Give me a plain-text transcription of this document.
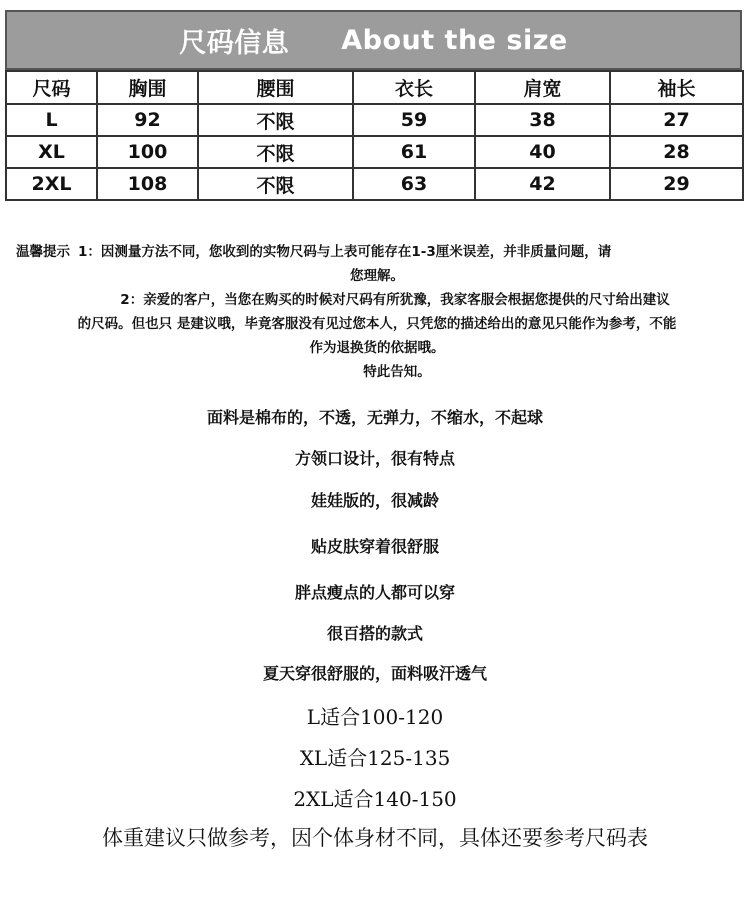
尺码信息 About the size
尺码	胸围	腰围	衣长	肩宽	袖长
L	92	不限	59	38	27
XL	100	不限	61	40	28
2XL	108	不限	63	42	29
温馨提示 1：因测量方法不同，您收到的实物尺码与上表可能存在1-3厘米误差，并非质量问题，请
您理解。
2：亲爱的客户，当您在购买的时候对尺码有所犹豫，我家客服会根据您提供的尺寸给出建议
的尺码。但也只 是建议哦，毕竟客服没有见过您本人，只凭您的描述给出的意见只能作为参考，不能
作为退换货的依据哦。
特此告知。
面料是棉布的，不透，无弹力，不缩水，不起球
方领口设计，很有特点
娃娃版的，很减龄
贴皮肤穿着很舒服
胖点瘦点的人都可以穿
很百搭的款式
夏天穿很舒服的，面料吸汗透气
L适合100-120
XL适合125-135
2XL适合140-150
体重建议只做参考，因个体身材不同，具体还要参考尺码表
